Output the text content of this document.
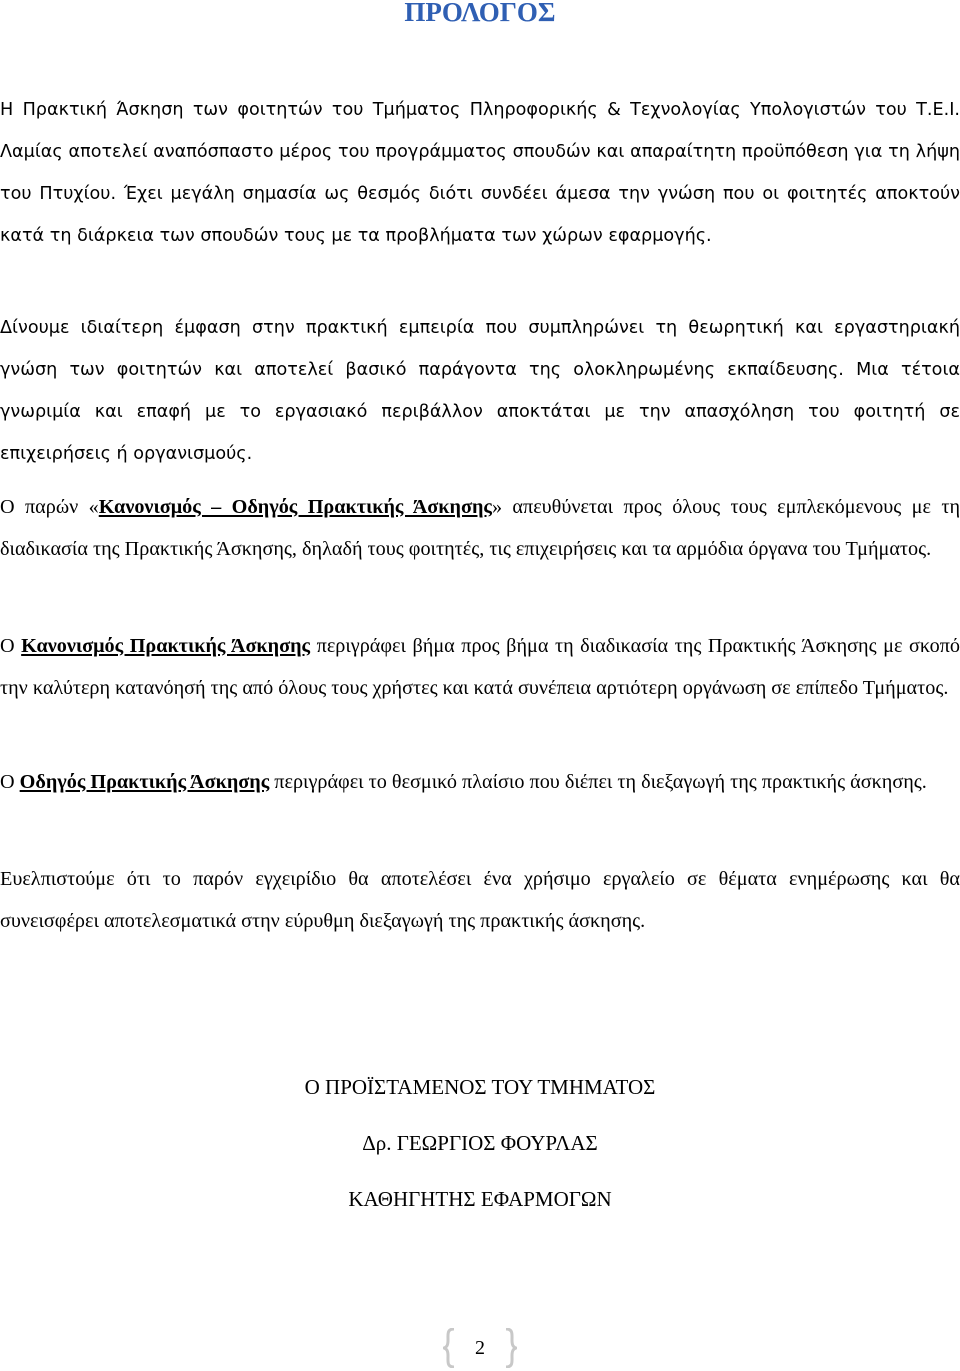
ΠΡΟΛΟΓΟΣ

Η Πρακτική Άσκηση των φοιτητών του Τμήματος Πληροφορικής & Τεχνολογίας Υπολογιστών του Τ.Ε.Ι. Λαμίας αποτελεί αναπόσπαστο μέρος του προγράμματος σπουδών και απαραίτητη προϋπόθεση για τη λήψη του Πτυχίου. Έχει μεγάλη σημασία ως θεσμός διότι συνδέει άμεσα την γνώση που οι φοιτητές αποκτούν κατά τη διάρκεια των σπουδών τους με τα προβλήματα των χώρων εφαρμογής.

Δίνουμε ιδιαίτερη έμφαση στην πρακτική εμπειρία που συμπληρώνει τη θεωρητική και εργαστηριακή γνώση των φοιτητών και αποτελεί βασικό παράγοντα της ολοκληρωμένης εκπαίδευσης. Μια τέτοια γνωριμία και επαφή με το εργασιακό περιβάλλον αποκτάται με την απασχόληση του φοιτητή σε επιχειρήσεις ή οργανισμούς.

Ο παρών «Κανονισμός – Οδηγός Πρακτικής Άσκησης» απευθύνεται προς όλους τους εμπλεκόμενους με τη διαδικασία της Πρακτικής Άσκησης, δηλαδή τους φοιτητές, τις επιχειρήσεις και τα αρμόδια όργανα του Τμήματος.

Ο Κανονισμός Πρακτικής Άσκησης περιγράφει βήμα προς βήμα τη διαδικασία της Πρακτικής Άσκησης με σκοπό την καλύτερη κατανόησή της από όλους τους χρήστες και κατά συνέπεια αρτιότερη οργάνωση σε επίπεδο Τμήματος.

Ο Οδηγός Πρακτικής Άσκησης περιγράφει το θεσμικό πλαίσιο που διέπει τη διεξαγωγή της πρακτικής άσκησης.

Ευελπιστούμε ότι το παρόν εγχειρίδιο θα αποτελέσει ένα χρήσιμο εργαλείο σε θέματα ενημέρωσης και θα συνεισφέρει αποτελεσματικά στην εύρυθμη διεξαγωγή της πρακτικής άσκησης.

Ο ΠΡΟΪΣΤΑΜΕΝΟΣ ΤΟΥ ΤΜΗΜΑΤΟΣ

Δρ. ΓΕΩΡΓΙΟΣ ΦΟΥΡΛΑΣ

ΚΑΘΗΓΗΤΗΣ ΕΦΑΡΜΟΓΩΝ

2
